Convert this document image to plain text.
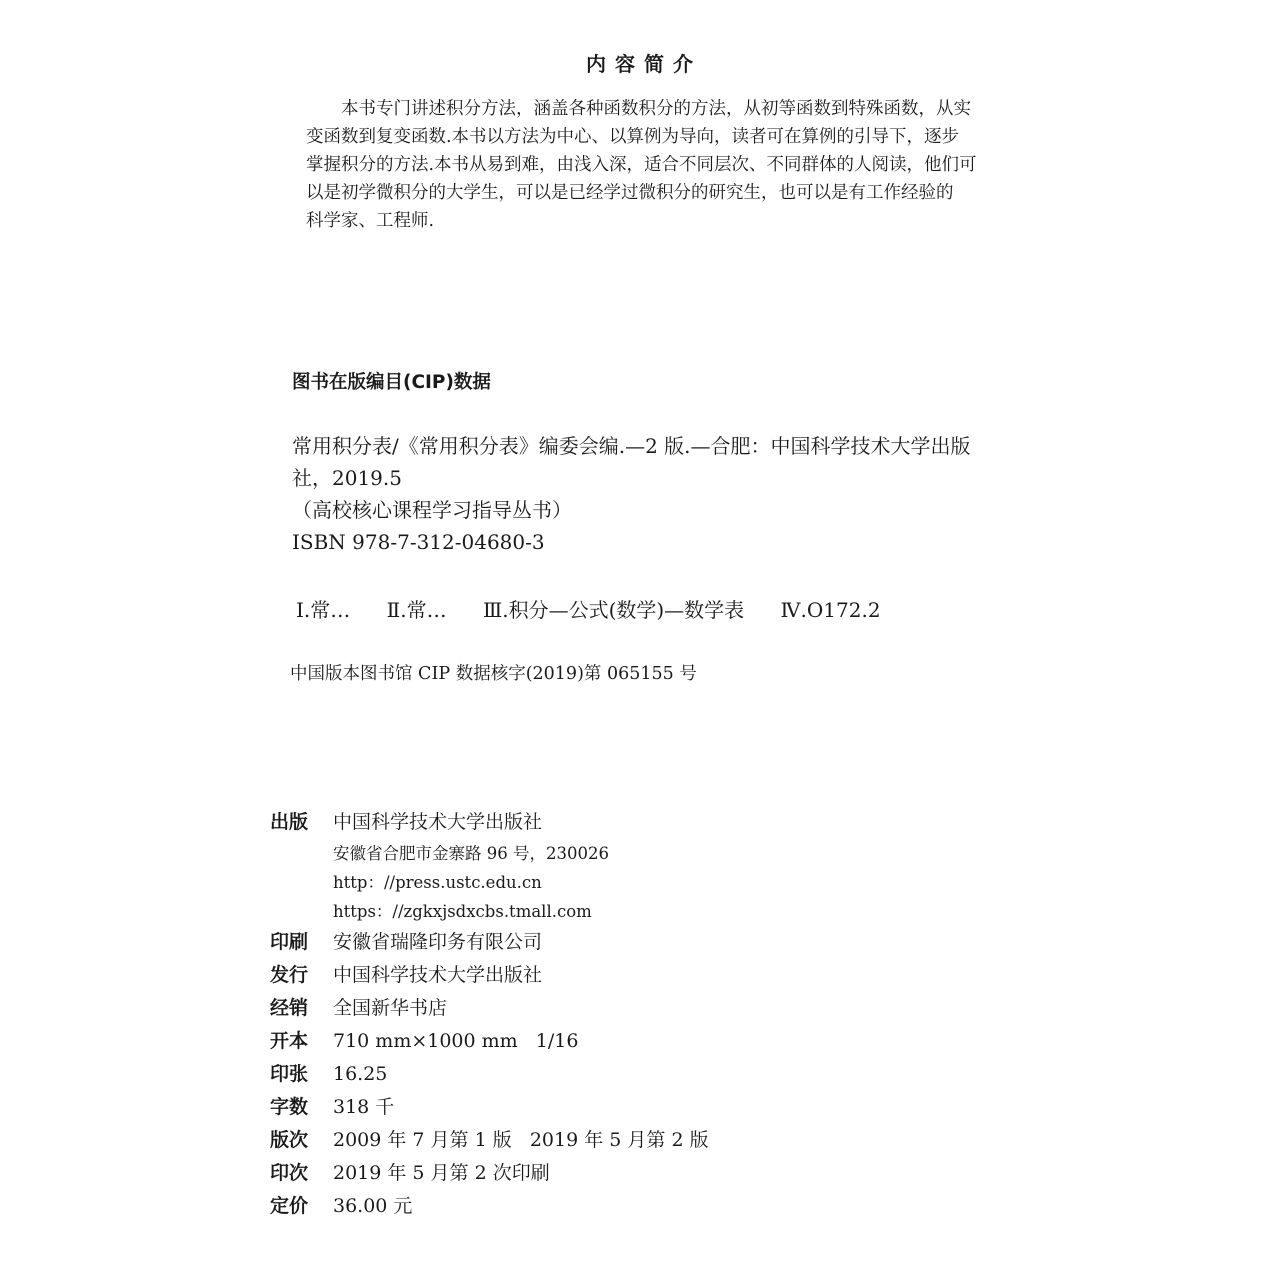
内容简介
本书专门讲述积分方法，涵盖各种函数积分的方法，从初等函数到特殊函数，从实
变函数到复变函数.本书以方法为中心、以算例为导向，读者可在算例的引导下，逐步
掌握积分的方法.本书从易到难，由浅入深，适合不同层次、不同群体的人阅读，他们可
以是初学微积分的大学生，可以是已经学过微积分的研究生，也可以是有工作经验的
科学家、工程师.
图书在版编目(CIP)数据
常用积分表/《常用积分表》编委会编.—2 版.—合肥：中国科学技术大学出版
社，2019.5
（高校核心课程学习指导丛书）
ISBN 978-7-312-04680-3
Ⅰ.常… Ⅱ.常… Ⅲ.积分—公式(数学)—数学表 Ⅳ.O172.2
中国版本图书馆 CIP 数据核字(2019)第 065155 号
出版	中国科学技术大学出版社
安徽省合肥市金寨路 96 号，230026
http：//press.ustc.edu.cn
https：//zgkxjsdxcbs.tmall.com
印刷	安徽省瑞隆印务有限公司
发行	中国科学技术大学出版社
经销	全国新华书店
开本	710 mm×1000 mm   1/16
印张	16.25
字数	318 千
版次	2009 年 7 月第 1 版   2019 年 5 月第 2 版
印次	2019 年 5 月第 2 次印刷
定价	36.00 元
